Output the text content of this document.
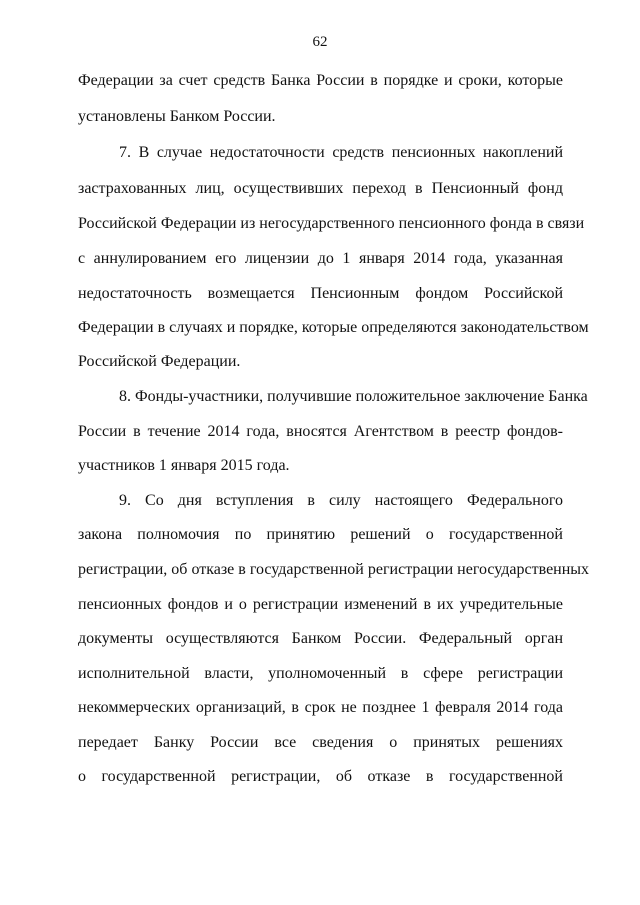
62
Федерации за счет средств Банка России в порядке и сроки, которые
установлены Банком России.
7. В случае недостаточности средств пенсионных накоплений
застрахованных лиц, осуществивших переход в Пенсионный фонд
Российской Федерации из негосударственного пенсионного фонда в связи
с аннулированием его лицензии до 1 января 2014 года, указанная
недостаточность возмещается Пенсионным фондом Российской
Федерации в случаях и порядке, которые определяются законодательством
Российской Федерации.
8. Фонды-участники, получившие положительное заключение Банка
России в течение 2014 года, вносятся Агентством в реестр фондов-
участников 1 января 2015 года.
9. Со дня вступления в силу настоящего Федерального
закона полномочия по принятию решений о государственной
регистрации, об отказе в государственной регистрации негосударственных
пенсионных фондов и о регистрации изменений в их учредительные
документы осуществляются Банком России. Федеральный орган
исполнительной власти, уполномоченный в сфере регистрации
некоммерческих организаций, в срок не позднее 1 февраля 2014 года
передает Банку России все сведения о принятых решениях
о государственной регистрации, об отказе в государственной
